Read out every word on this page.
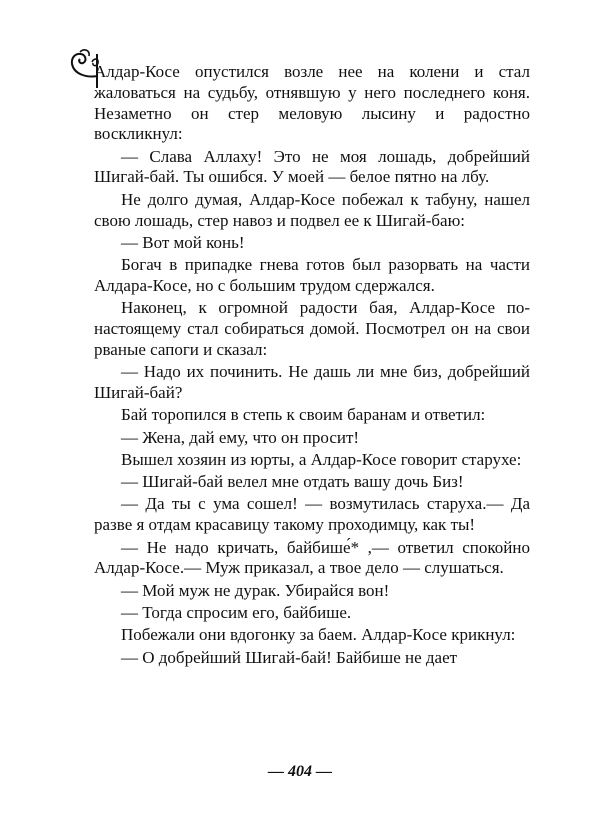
Алдар-Косе опустился возле нее на колени и стал жаловаться на судьбу, отнявшую у него последнего коня. Незаметно он стер меловую лысину и радостно воскликнул:

— Слава Аллаху! Это не моя лошадь, добрейший Шигай-бай. Ты ошибся. У моей — белое пятно на лбу.

Не долго думая, Алдар-Косе побежал к табуну, нашел свою лошадь, стер навоз и подвел ее к Шигай-баю:

— Вот мой конь!

Богач в припадке гнева готов был разорвать на части Алдара-Косе, но с большим трудом сдержался.

Наконец, к огромной радости бая, Алдар-Косе по-настоящему стал собираться домой. Посмотрел он на свои рваные сапоги и сказал:

— Надо их починить. Не дашь ли мне биз, добрейший Шигай-бай?

Бай торопился в степь к своим баранам и ответил:

— Жена, дай ему, что он просит!

Вышел хозяин из юрты, а Алдар-Косе говорит старухе:

— Шигай-бай велел мне отдать вашу дочь Биз!

— Да ты с ума сошел! — возмутилась старуха.— Да разве я отдам красавицу такому проходимцу, как ты!

— Не надо кричать, байбише́* ,— ответил спокойно Алдар-Косе.— Муж приказал, а твое дело — слушаться.

— Мой муж не дурак. Убирайся вон!

— Тогда спросим его, байбише.

Побежали они вдогонку за баем. Алдар-Косе крикнул:

— О добрейший Шигай-бай! Байбише не дает

— 404 —
